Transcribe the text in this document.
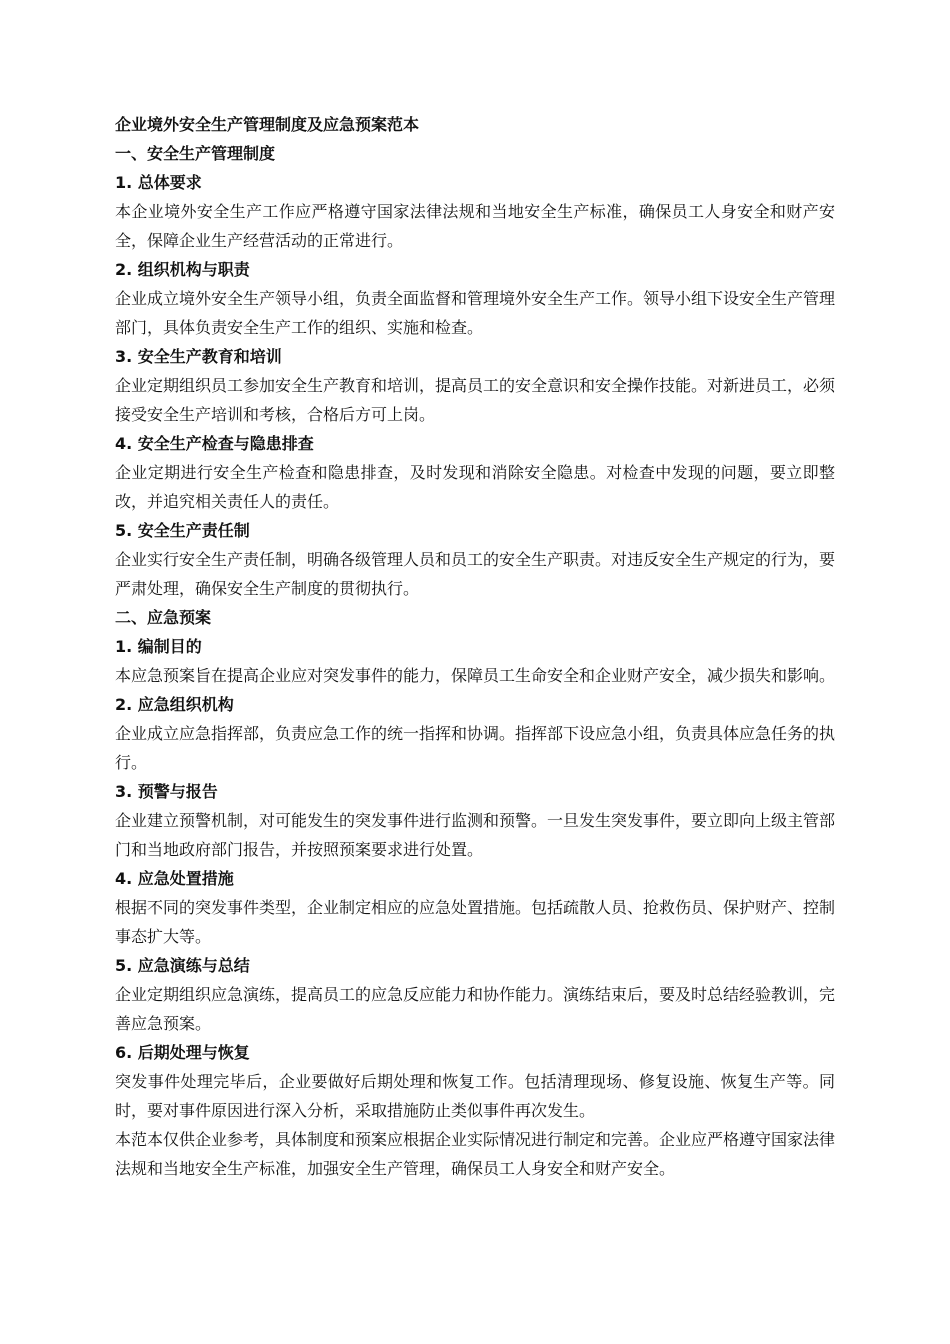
企业境外安全生产管理制度及应急预案范本
一、安全生产管理制度
1. 总体要求
本企业境外安全生产工作应严格遵守国家法律法规和当地安全生产标准，确保员工人身安全和财产安全，保障企业生产经营活动的正常进行。
2. 组织机构与职责
企业成立境外安全生产领导小组，负责全面监督和管理境外安全生产工作。领导小组下设安全生产管理部门，具体负责安全生产工作的组织、实施和检查。
3. 安全生产教育和培训
企业定期组织员工参加安全生产教育和培训，提高员工的安全意识和安全操作技能。对新进员工，必须接受安全生产培训和考核，合格后方可上岗。
4. 安全生产检查与隐患排查
企业定期进行安全生产检查和隐患排查，及时发现和消除安全隐患。对检查中发现的问题，要立即整改，并追究相关责任人的责任。
5. 安全生产责任制
企业实行安全生产责任制，明确各级管理人员和员工的安全生产职责。对违反安全生产规定的行为，要严肃处理，确保安全生产制度的贯彻执行。
二、应急预案
1. 编制目的
本应急预案旨在提高企业应对突发事件的能力，保障员工生命安全和企业财产安全，减少损失和影响。
2. 应急组织机构
企业成立应急指挥部，负责应急工作的统一指挥和协调。指挥部下设应急小组，负责具体应急任务的执行。
3. 预警与报告
企业建立预警机制，对可能发生的突发事件进行监测和预警。一旦发生突发事件，要立即向上级主管部门和当地政府部门报告，并按照预案要求进行处置。
4. 应急处置措施
根据不同的突发事件类型，企业制定相应的应急处置措施。包括疏散人员、抢救伤员、保护财产、控制事态扩大等。
5. 应急演练与总结
企业定期组织应急演练，提高员工的应急反应能力和协作能力。演练结束后，要及时总结经验教训，完善应急预案。
6. 后期处理与恢复
突发事件处理完毕后，企业要做好后期处理和恢复工作。包括清理现场、修复设施、恢复生产等。同时，要对事件原因进行深入分析，采取措施防止类似事件再次发生。
本范本仅供企业参考，具体制度和预案应根据企业实际情况进行制定和完善。企业应严格遵守国家法律法规和当地安全生产标准，加强安全生产管理，确保员工人身安全和财产安全。
